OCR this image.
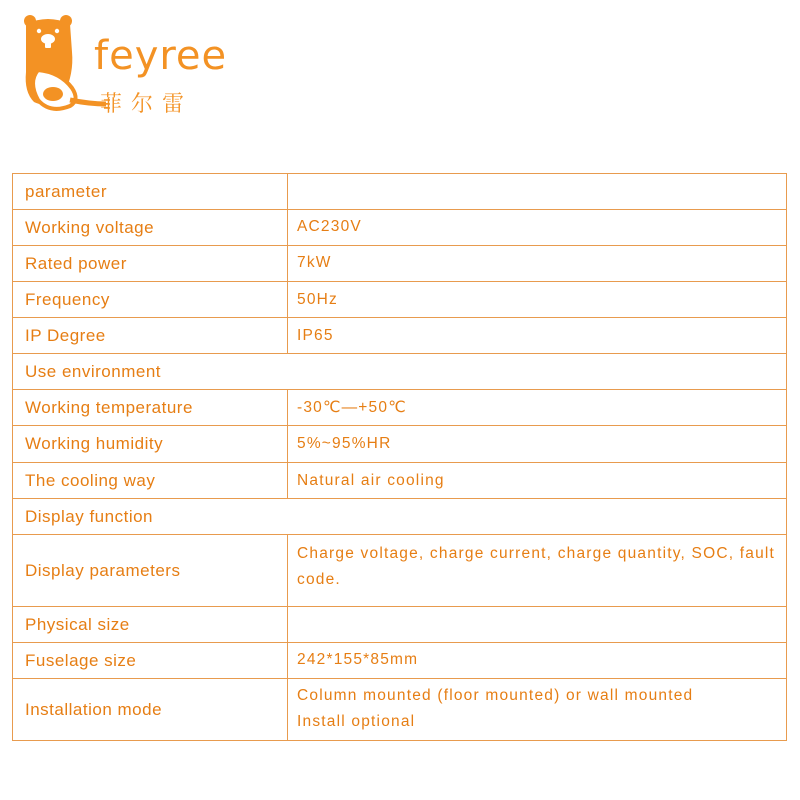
feyree
菲尔雷
parameter	
Working voltage	AC230V
Rated power	7kW
Frequency	50Hz
IP Degree	IP65
Use environment	
Working temperature	-30℃—+50℃
Working humidity	5%~95%HR
The cooling way	Natural air cooling
Display function	
Display parameters	Charge voltage, charge current, charge quantity, SOC, fault code.
Physical size	
Fuselage size	242*155*85mm
Installation mode	Column mounted (floor mounted) or wall mounted Install optional
